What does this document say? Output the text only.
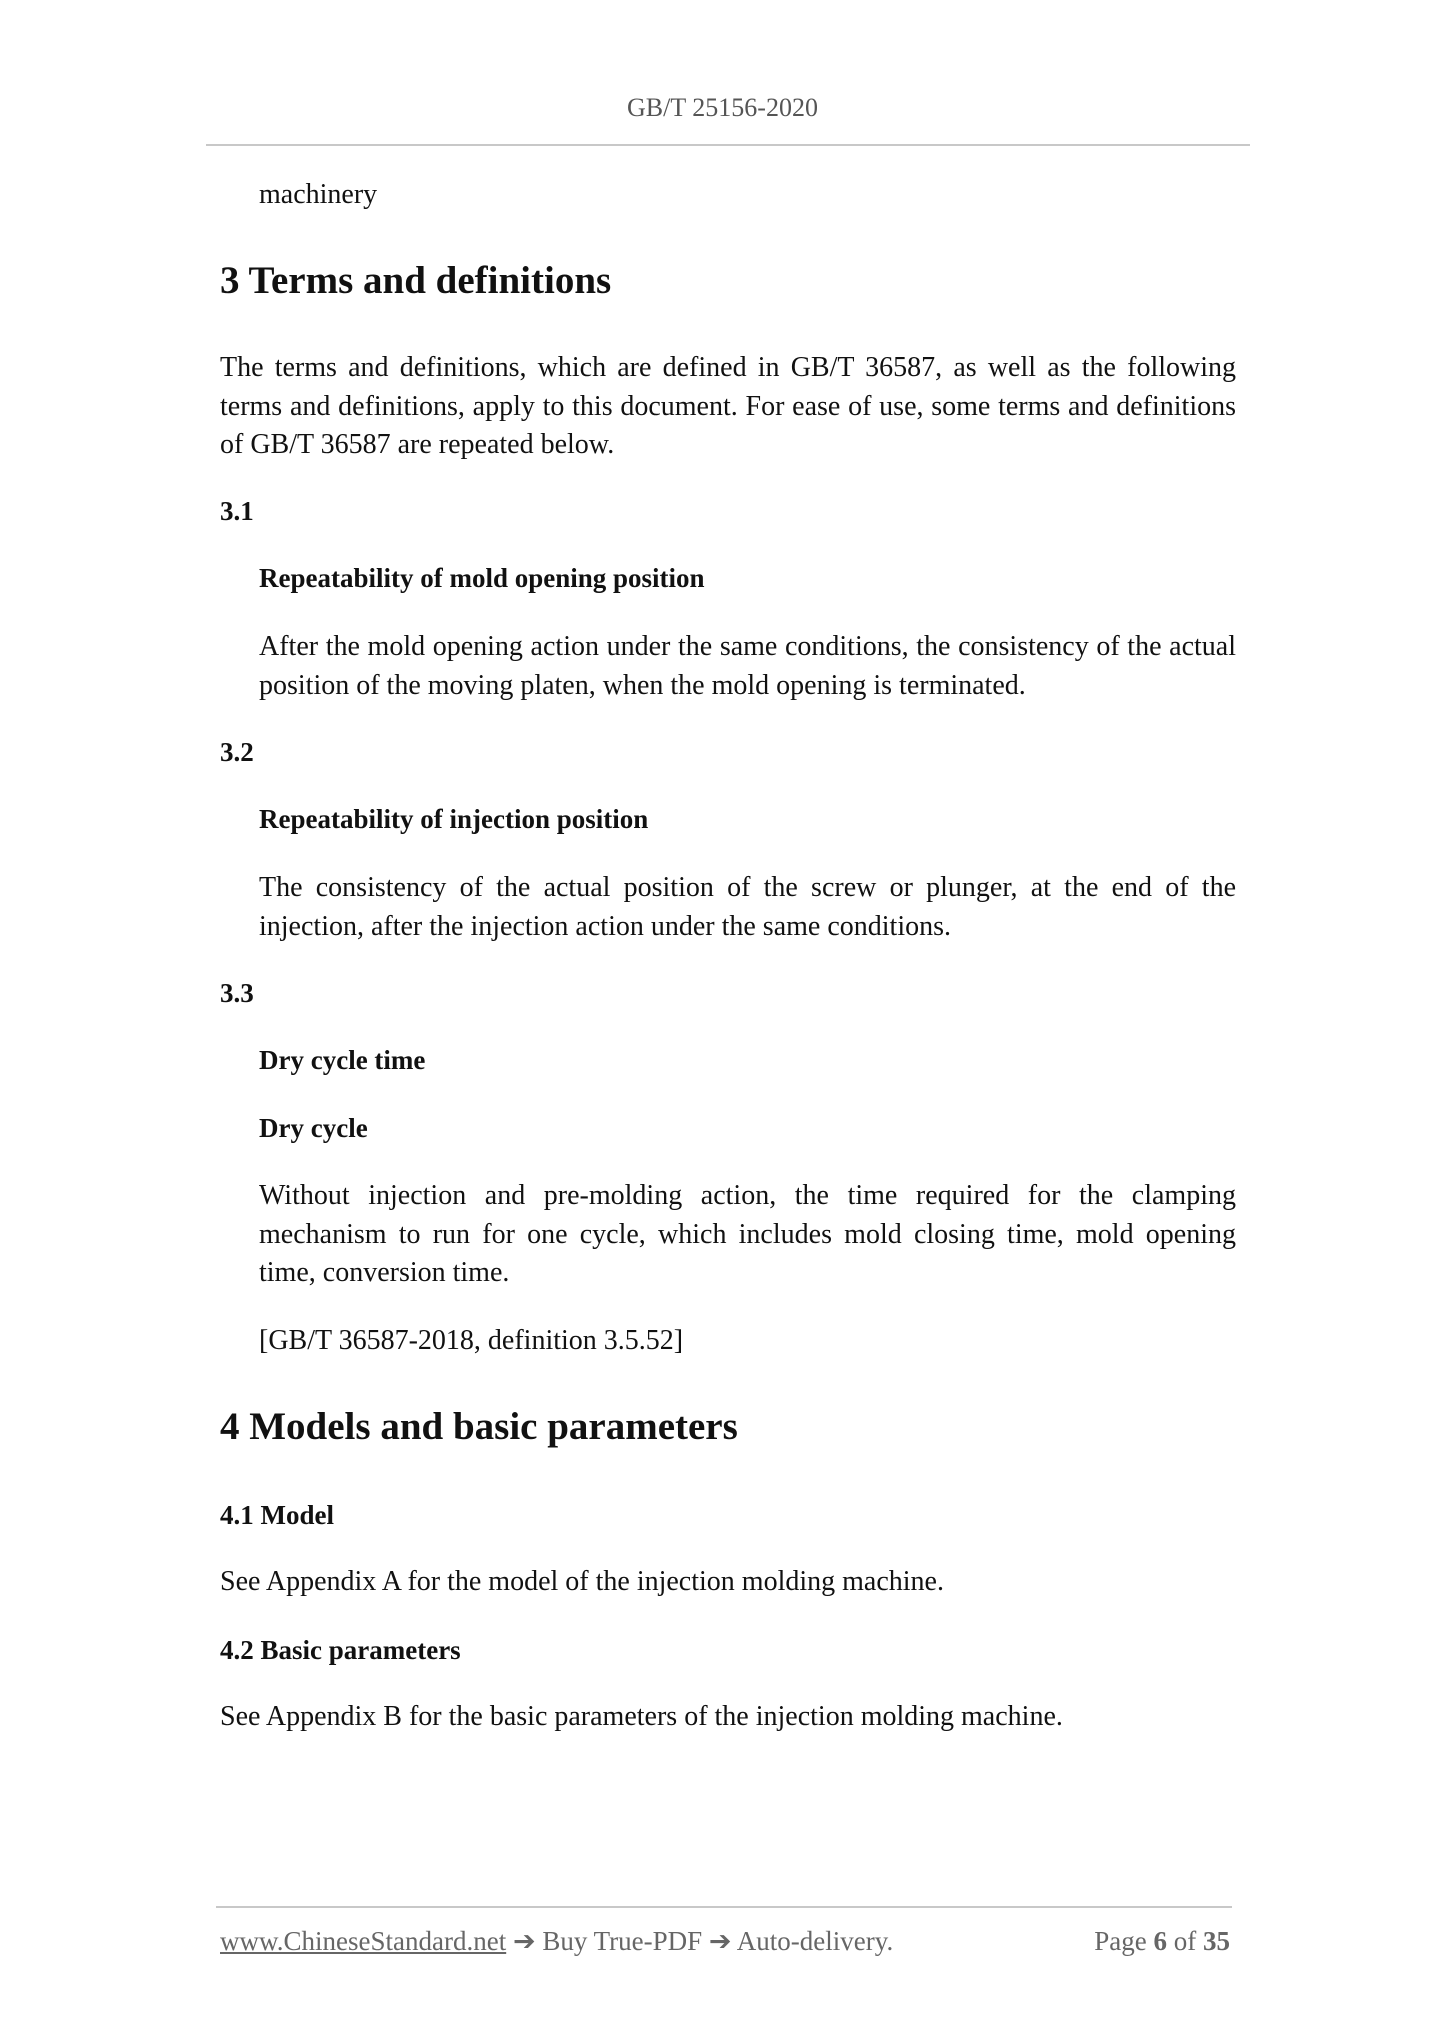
GB/T 25156-2020

machinery

3 Terms and definitions

The terms and definitions, which are defined in GB/T 36587, as well as the following terms and definitions, apply to this document. For ease of use, some terms and definitions of GB/T 36587 are repeated below.

3.1
Repeatability of mold opening position

After the mold opening action under the same conditions, the consistency of the actual position of the moving platen, when the mold opening is terminated.

3.2
Repeatability of injection position

The consistency of the actual position of the screw or plunger, at the end of the injection, after the injection action under the same conditions.

3.3
Dry cycle time
Dry cycle

Without injection and pre-molding action, the time required for the clamping mechanism to run for one cycle, which includes mold closing time, mold opening time, conversion time.

[GB/T 36587-2018, definition 3.5.52]

4 Models and basic parameters
4.1 Model

See Appendix A for the model of the injection molding machine.

4.2 Basic parameters

See Appendix B for the basic parameters of the injection molding machine.

www.ChineseStandard.net ➔ Buy True-PDF ➔ Auto-delivery.	Page 6 of 35
